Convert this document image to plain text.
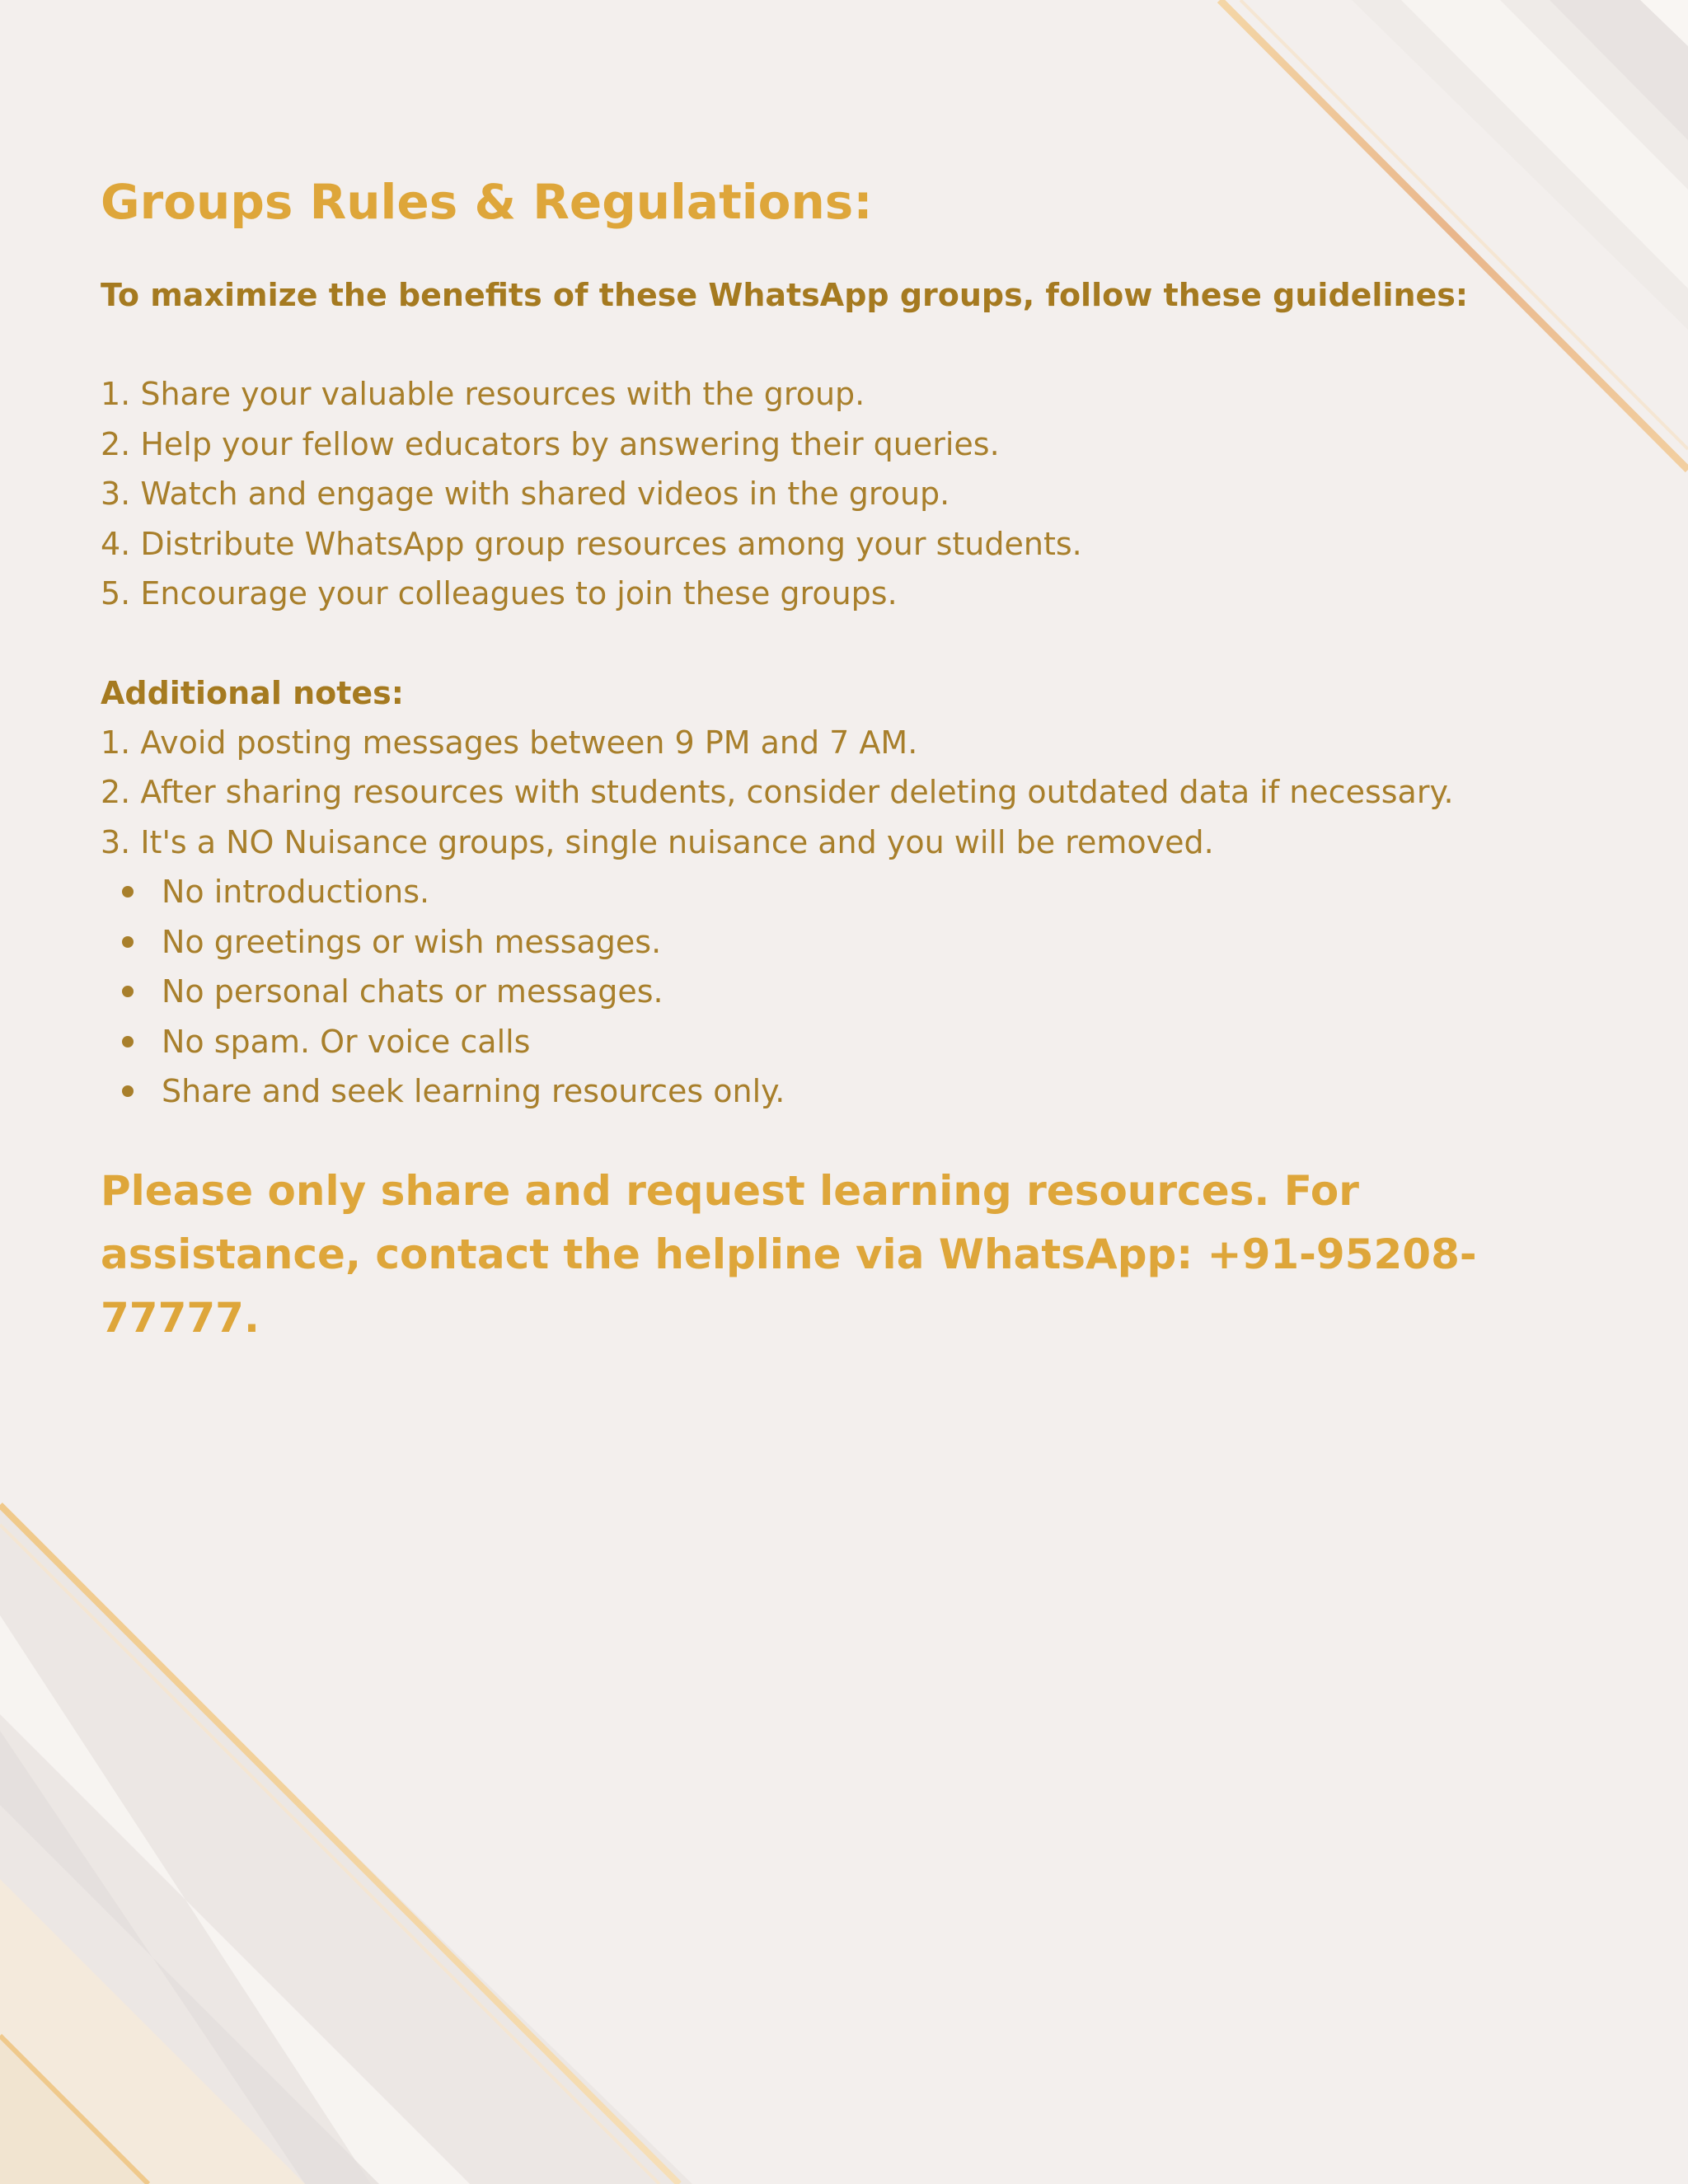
Groups Rules & Regulations:

To maximize the benefits of these WhatsApp groups, follow these guidelines:

1. Share your valuable resources with the group.
2. Help your fellow educators by answering their queries.
3. Watch and engage with shared videos in the group.
4. Distribute WhatsApp group resources among your students.
5. Encourage your colleagues to join these groups.

Additional notes:

1. Avoid posting messages between 9 PM and 7 AM.
2. After sharing resources with students, consider deleting outdated data if necessary.
3. It's a NO Nuisance groups, single nuisance and you will be removed.
No introductions.
No greetings or wish messages.
No personal chats or messages.
No spam. Or voice calls
Share and seek learning resources only.

Please only share and request learning resources. For assistance, contact the helpline via WhatsApp: +91-95208-77777.
